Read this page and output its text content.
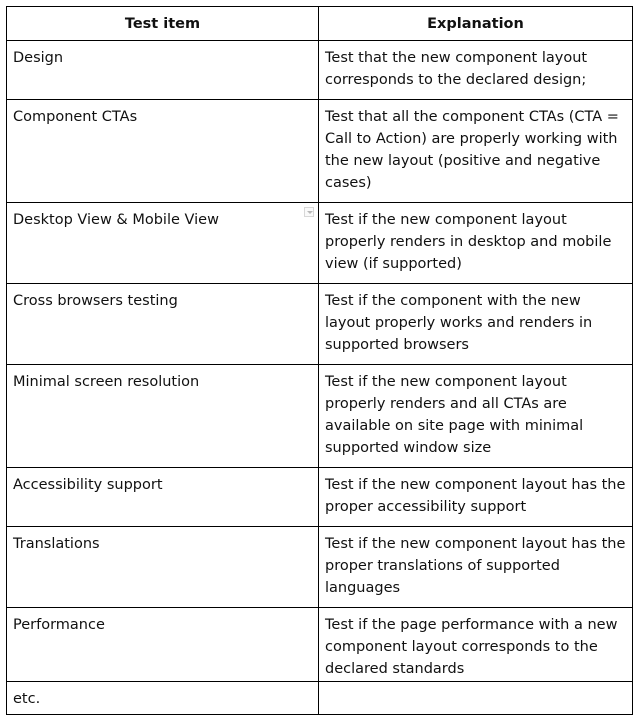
Test item	Explanation

Design	Test that the new component layout corresponds to the declared design;

Component CTAs	Test that all the component CTAs (CTA = Call to Action) are properly working with the new layout (positive and negative cases)

Desktop View & Mobile View	Test if the new component layout properly renders in desktop and mobile view (if supported)

Cross browsers testing	Test if the component with the new layout properly works and renders in supported browsers

Minimal screen resolution	Test if the new component layout properly renders and all CTAs are available on site page with minimal supported window size

Accessibility support	Test if the new component layout has the proper accessibility support

Translations	Test if the new component layout has the proper translations of supported languages

Performance	Test if the page performance with a new component layout corresponds to the declared standards

etc.	
